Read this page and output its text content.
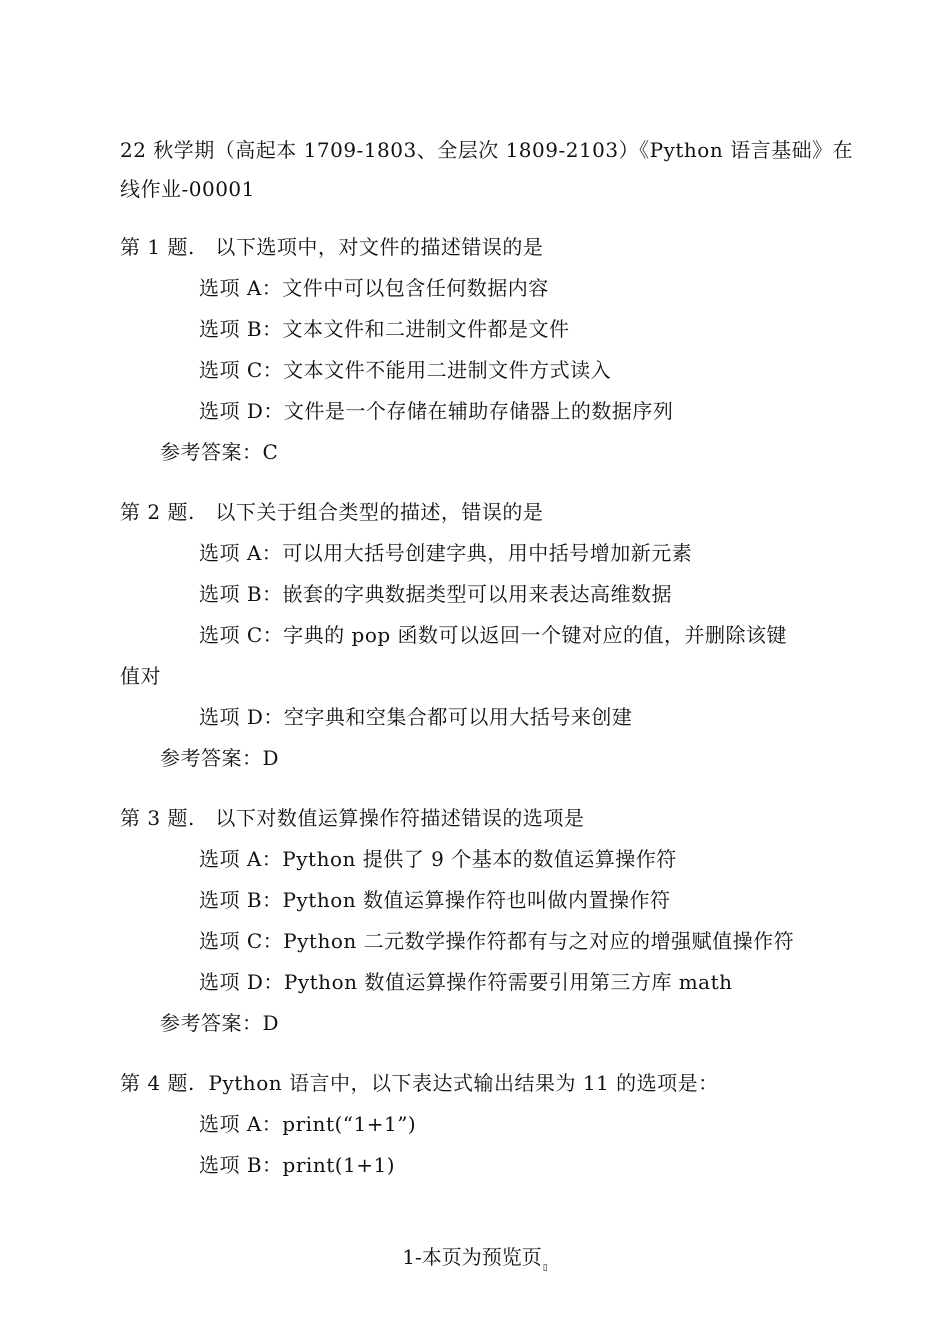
22 秋学期（高起本 1709-1803、全层次 1809-2103）《Python 语言基础》在线作业-00001
第 1 题. 以下选项中，对文件的描述错误的是
选项 A：文件中可以包含任何数据内容
选项 B：文本文件和二进制文件都是文件
选项 C：文本文件不能用二进制文件方式读入
选项 D：文件是一个存储在辅助存储器上的数据序列
参考答案：C
第 2 题. 以下关于组合类型的描述，错误的是
选项 A：可以用大括号创建字典，用中括号增加新元素
选项 B：嵌套的字典数据类型可以用来表达高维数据
选项 C：字典的 pop 函数可以返回一个键对应的值，并删除该键
值对
选项 D：空字典和空集合都可以用大括号来创建
参考答案：D
第 3 题. 以下对数值运算操作符描述错误的选项是
选项 A：Python 提供了 9 个基本的数值运算操作符
选项 B：Python 数值运算操作符也叫做内置操作符
选项 C：Python 二元数学操作符都有与之对应的增强赋值操作符
选项 D：Python 数值运算操作符需要引用第三方库 math
参考答案：D
第 4 题. Python 语言中，以下表达式输出结果为 11 的选项是：
选项 A：print(“1+1”)
选项 B：print(1+1)
1-本页为预览页$_▯$
